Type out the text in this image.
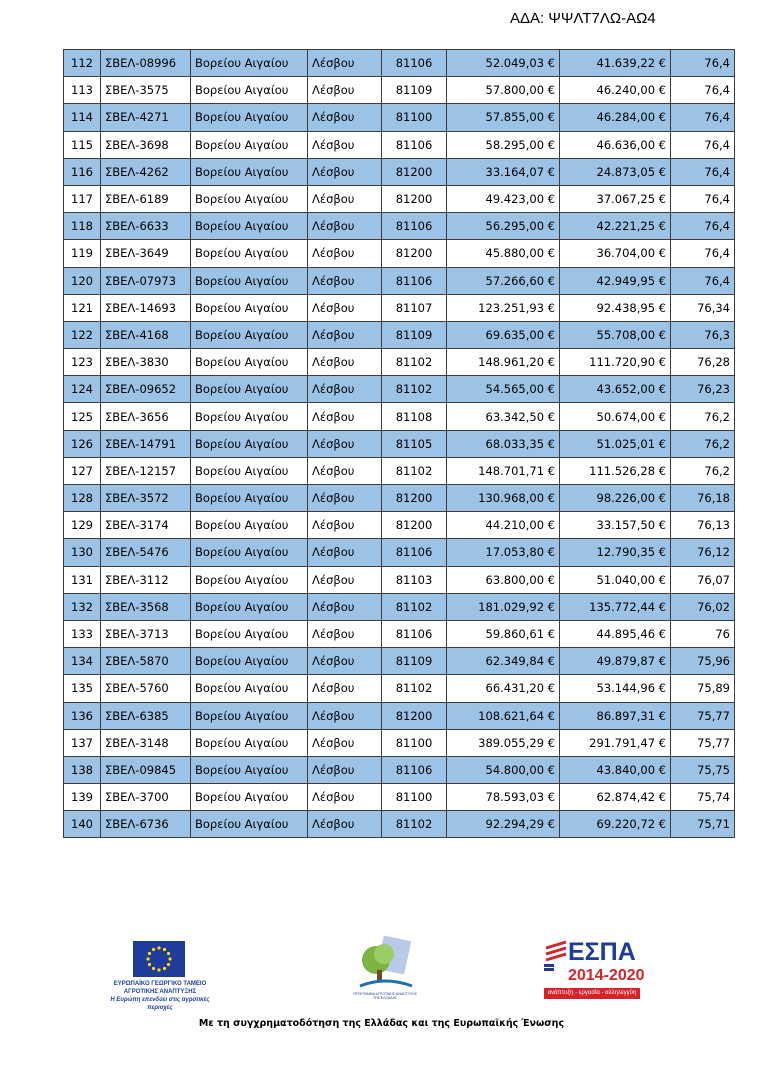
ΑΔΑ: ΨΨΛΤ7ΛΩ-ΑΩ4
112	ΣΒΕΛ-08996	Βορείου Αιγαίου	Λέσβου	81106	52.049,03 €	41.639,22 €	76,4
113	ΣΒΕΛ-3575	Βορείου Αιγαίου	Λέσβου	81109	57.800,00 €	46.240,00 €	76,4
114	ΣΒΕΛ-4271	Βορείου Αιγαίου	Λέσβου	81100	57.855,00 €	46.284,00 €	76,4
115	ΣΒΕΛ-3698	Βορείου Αιγαίου	Λέσβου	81106	58.295,00 €	46.636,00 €	76,4
116	ΣΒΕΛ-4262	Βορείου Αιγαίου	Λέσβου	81200	33.164,07 €	24.873,05 €	76,4
117	ΣΒΕΛ-6189	Βορείου Αιγαίου	Λέσβου	81200	49.423,00 €	37.067,25 €	76,4
118	ΣΒΕΛ-6633	Βορείου Αιγαίου	Λέσβου	81106	56.295,00 €	42.221,25 €	76,4
119	ΣΒΕΛ-3649	Βορείου Αιγαίου	Λέσβου	81200	45.880,00 €	36.704,00 €	76,4
120	ΣΒΕΛ-07973	Βορείου Αιγαίου	Λέσβου	81106	57.266,60 €	42.949,95 €	76,4
121	ΣΒΕΛ-14693	Βορείου Αιγαίου	Λέσβου	81107	123.251,93 €	92.438,95 €	76,34
122	ΣΒΕΛ-4168	Βορείου Αιγαίου	Λέσβου	81109	69.635,00 €	55.708,00 €	76,3
123	ΣΒΕΛ-3830	Βορείου Αιγαίου	Λέσβου	81102	148.961,20 €	111.720,90 €	76,28
124	ΣΒΕΛ-09652	Βορείου Αιγαίου	Λέσβου	81102	54.565,00 €	43.652,00 €	76,23
125	ΣΒΕΛ-3656	Βορείου Αιγαίου	Λέσβου	81108	63.342,50 €	50.674,00 €	76,2
126	ΣΒΕΛ-14791	Βορείου Αιγαίου	Λέσβου	81105	68.033,35 €	51.025,01 €	76,2
127	ΣΒΕΛ-12157	Βορείου Αιγαίου	Λέσβου	81102	148.701,71 €	111.526,28 €	76,2
128	ΣΒΕΛ-3572	Βορείου Αιγαίου	Λέσβου	81200	130.968,00 €	98.226,00 €	76,18
129	ΣΒΕΛ-3174	Βορείου Αιγαίου	Λέσβου	81200	44.210,00 €	33.157,50 €	76,13
130	ΣΒΕΛ-5476	Βορείου Αιγαίου	Λέσβου	81106	17.053,80 €	12.790,35 €	76,12
131	ΣΒΕΛ-3112	Βορείου Αιγαίου	Λέσβου	81103	63.800,00 €	51.040,00 €	76,07
132	ΣΒΕΛ-3568	Βορείου Αιγαίου	Λέσβου	81102	181.029,92 €	135.772,44 €	76,02
133	ΣΒΕΛ-3713	Βορείου Αιγαίου	Λέσβου	81106	59.860,61 €	44.895,46 €	76
134	ΣΒΕΛ-5870	Βορείου Αιγαίου	Λέσβου	81109	62.349,84 €	49.879,87 €	75,96
135	ΣΒΕΛ-5760	Βορείου Αιγαίου	Λέσβου	81102	66.431,20 €	53.144,96 €	75,89
136	ΣΒΕΛ-6385	Βορείου Αιγαίου	Λέσβου	81200	108.621,64 €	86.897,31 €	75,77
137	ΣΒΕΛ-3148	Βορείου Αιγαίου	Λέσβου	81100	389.055,29 €	291.791,47 €	75,77
138	ΣΒΕΛ-09845	Βορείου Αιγαίου	Λέσβου	81106	54.800,00 €	43.840,00 €	75,75
139	ΣΒΕΛ-3700	Βορείου Αιγαίου	Λέσβου	81100	78.593,03 €	62.874,42 €	75,74
140	ΣΒΕΛ-6736	Βορείου Αιγαίου	Λέσβου	81102	92.294,29 €	69.220,72 €	75,71
ΕΥΡΩΠΑΪΚΟ ΓΕΩΡΓΙΚΟ ΤΑΜΕΙΟ ΑΓΡΟΤΙΚΗΣ ΑΝΑΠΤΥΞΗΣ
Η Ευρώπη επενδύει στις αγροτικές περιοχές
ΠΡΟΓΡΑΜΜΑ ΑΓΡΟΤΙΚΗΣ ΑΝΑΠΤΥΞΗΣ ΤΗΣ ΕΛΛΑΔΑΣ
ΕΣΠΑ
2014-2020
ανάπτυξη - εργασία - αλληλεγγύη
Με τη συγχρηματοδότηση της Ελλάδας και της Ευρωπαϊκής Ένωσης
